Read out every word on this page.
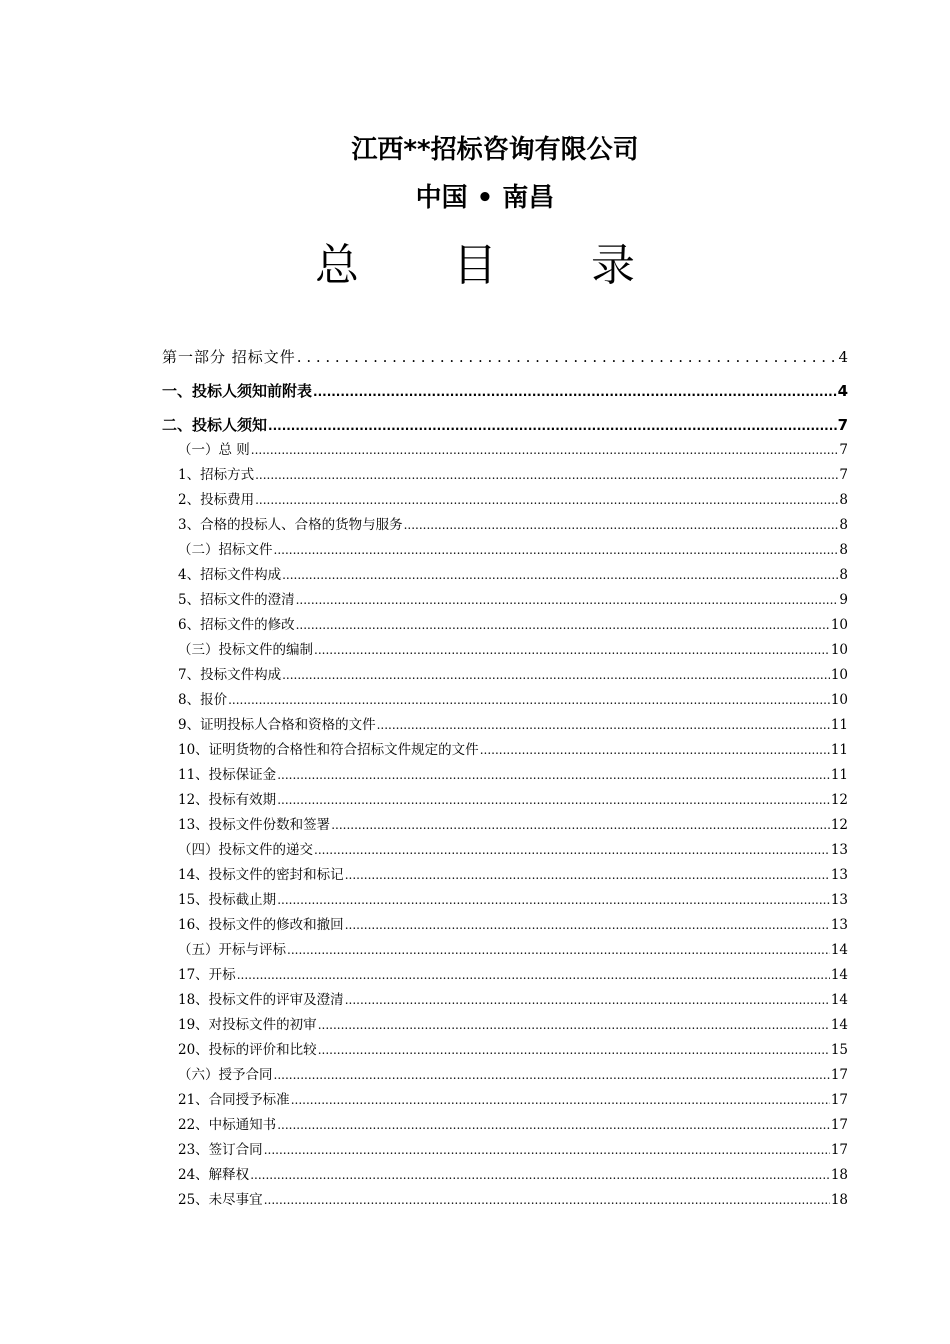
江西**招标咨询有限公司
中国 • 南昌
总 目 录
第一部分 招标文件 . . .	4
一、投标人须知前附表 .....	4
二、投标人须知 .....	7
（一）总 则 .....	7
1、招标方式 .....	7
2、投标费用 .....	8
3、合格的投标人、合格的货物与服务 .....	8
（二）招标文件 .....	8
4、招标文件构成 .....	8
5、招标文件的澄清 .....	9
6、招标文件的修改 .....	10
（三）投标文件的编制 .....	10
7、投标文件构成 .....	10
8、报价 .....	10
9、证明投标人合格和资格的文件 .....	11
10、证明货物的合格性和符合招标文件规定的文件 .....	11
11、投标保证金 .....	11
12、投标有效期 .....	12
13、投标文件份数和签署 .....	12
（四）投标文件的递交 .....	13
14、投标文件的密封和标记 .....	13
15、投标截止期 .....	13
16、投标文件的修改和撤回 .....	13
（五）开标与评标 .....	14
17、开标 .....	14
18、投标文件的评审及澄清 .....	14
19、对投标文件的初审 .....	14
20、投标的评价和比较 .....	15
（六）授予合同 .....	17
21、合同授予标准 .....	17
22、中标通知书 .....	17
23、签订合同 .....	17
24、解释权 .....	18
25、未尽事宜 .....	18
